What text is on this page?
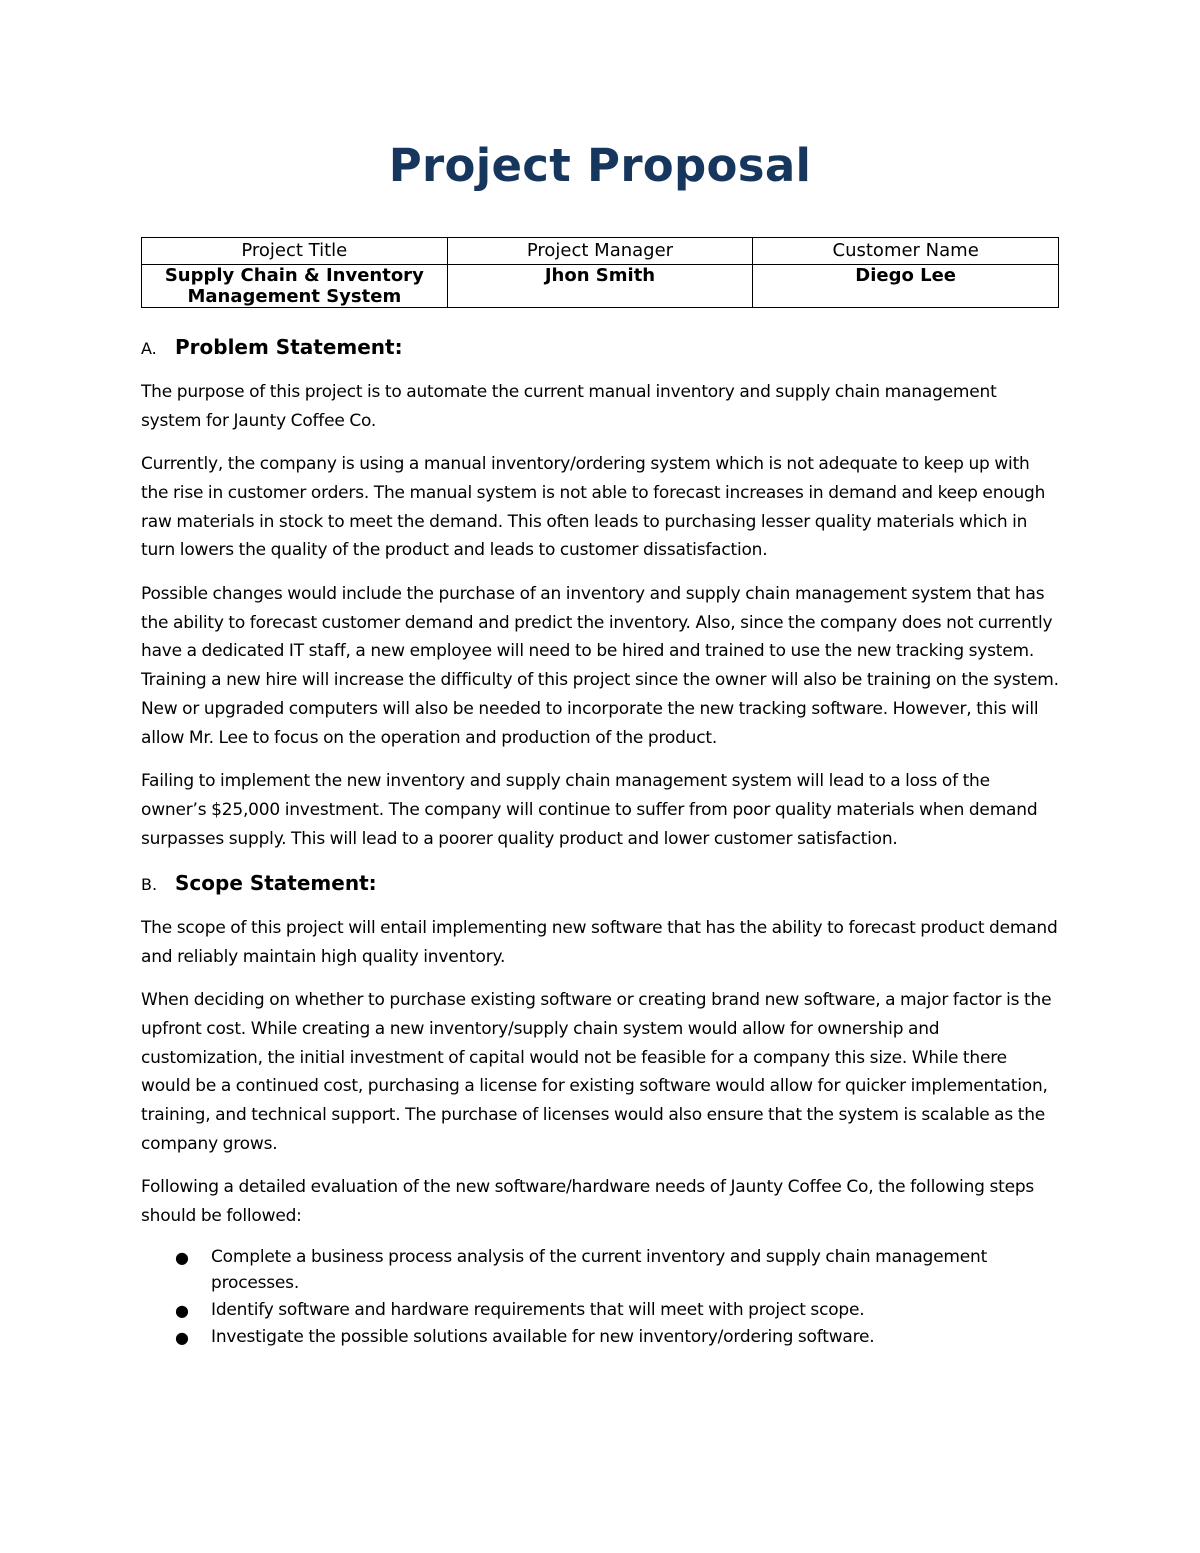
Project Proposal
Project Title	Project Manager	Customer Name
Supply Chain & Inventory Management System	Jhon Smith	Diego Lee
A. Problem Statement:

The purpose of this project is to automate the current manual inventory and supply chain management system for Jaunty Coffee Co.

Currently, the company is using a manual inventory/ordering system which is not adequate to keep up with the rise in customer orders. The manual system is not able to forecast increases in demand and keep enough raw materials in stock to meet the demand. This often leads to purchasing lesser quality materials which in turn lowers the quality of the product and leads to customer dissatisfaction.

Possible changes would include the purchase of an inventory and supply chain management system that has the ability to forecast customer demand and predict the inventory. Also, since the company does not currently have a dedicated IT staff, a new employee will need to be hired and trained to use the new tracking system. Training a new hire will increase the difficulty of this project since the owner will also be training on the system. New or upgraded computers will also be needed to incorporate the new tracking software. However, this will allow Mr. Lee to focus on the operation and production of the product.

Failing to implement the new inventory and supply chain management system will lead to a loss of the owner’s $25,000 investment. The company will continue to suffer from poor quality materials when demand surpasses supply. This will lead to a poorer quality product and lower customer satisfaction.

B. Scope Statement:

The scope of this project will entail implementing new software that has the ability to forecast product demand and reliably maintain high quality inventory.

When deciding on whether to purchase existing software or creating brand new software, a major factor is the upfront cost. While creating a new inventory/supply chain system would allow for ownership and customization, the initial investment of capital would not be feasible for a company this size. While there would be a continued cost, purchasing a license for existing software would allow for quicker implementation, training, and technical support. The purchase of licenses would also ensure that the system is scalable as the company grows.

Following a detailed evaluation of the new software/hardware needs of Jaunty Coffee Co, the following steps should be followed:

● Complete a business process analysis of the current inventory and supply chain management processes.
● Identify software and hardware requirements that will meet with project scope.
● Investigate the possible solutions available for new inventory/ordering software.
